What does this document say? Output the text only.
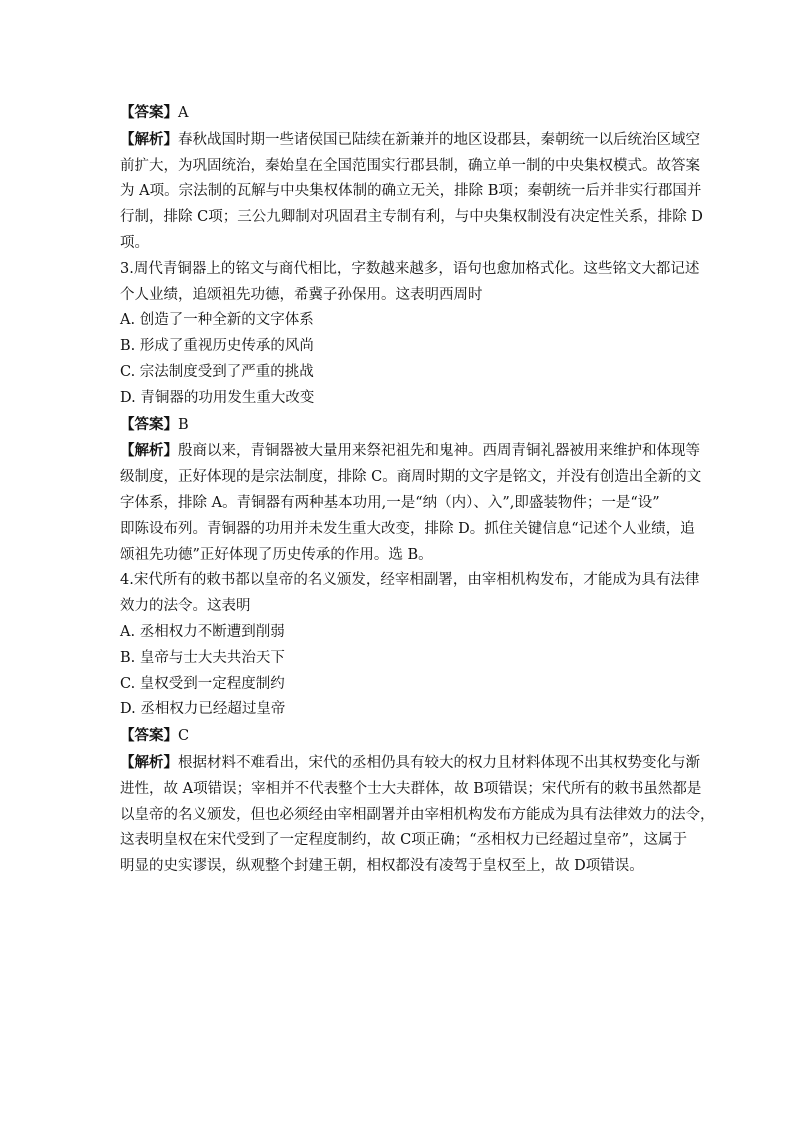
【答案】A
【解析】春秋战国时期一些诸侯国已陆续在新兼并的地区设郡县，秦朝统一以后统治区域空
前扩大，为巩固统治，秦始皇在全国范围实行郡县制，确立单一制的中央集权模式。故答案
为 A项。宗法制的瓦解与中央集权体制的确立无关，排除 B项；秦朝统一后并非实行郡国并
行制，排除 C项；三公九卿制对巩固君主专制有利，与中央集权制没有决定性关系，排除 D
项。
3.周代青铜器上的铭文与商代相比，字数越来越多，语句也愈加格式化。这些铭文大都记述
个人业绩，追颂祖先功德，希冀子孙保用。这表明西周时
A. 创造了一种全新的文字体系
B. 形成了重视历史传承的风尚
C. 宗法制度受到了严重的挑战
D. 青铜器的功用发生重大改变
【答案】B
【解析】殷商以来，青铜器被大量用来祭祀祖先和鬼神。西周青铜礼器被用来维护和体现等
级制度，正好体现的是宗法制度，排除 C。商周时期的文字是铭文，并没有创造出全新的文
字体系，排除 A。青铜器有两种基本功用,一是“纳（内）、入”,即盛装物件；一是“设”
即陈设布列。青铜器的功用并未发生重大改变，排除 D。抓住关键信息“记述个人业绩，追
颂祖先功德”正好体现了历史传承的作用。选 B。
4.宋代所有的敕书都以皇帝的名义颁发，经宰相副署，由宰相机构发布，才能成为具有法律
效力的法令。这表明
A. 丞相权力不断遭到削弱
B. 皇帝与士大夫共治天下
C. 皇权受到一定程度制约
D. 丞相权力已经超过皇帝
【答案】C
【解析】根据材料不难看出，宋代的丞相仍具有较大的权力且材料体现不出其权势变化与渐
进性，故 A项错误；宰相并不代表整个士大夫群体，故 B项错误；宋代所有的敕书虽然都是
以皇帝的名义颁发，但也必须经由宰相副署并由宰相机构发布方能成为具有法律效力的法令，
这表明皇权在宋代受到了一定程度制约，故 C项正确；“丞相权力已经超过皇帝”，这属于
明显的史实谬误，纵观整个封建王朝，相权都没有凌驾于皇权至上，故 D项错误。
